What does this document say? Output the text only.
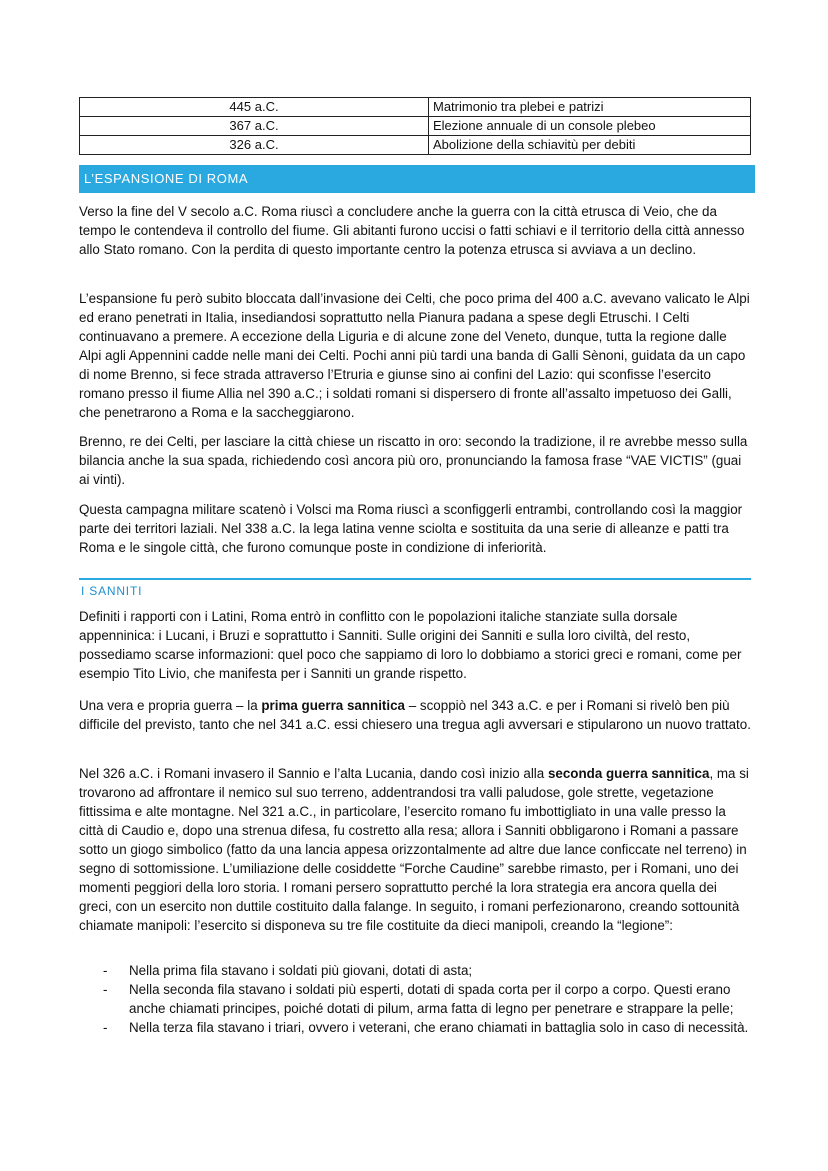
445 a.C.	Matrimonio tra plebei e patrizi
367 a.C.	Elezione annuale di un console plebeo
326 a.C.	Abolizione della schiavitù per debiti
L’ESPANSIONE DI ROMA

Verso la fine del V secolo a.C. Roma riuscì a concludere anche la guerra con la città etrusca di Veio, che da tempo le contendeva il controllo del fiume. Gli abitanti furono uccisi o fatti schiavi e il territorio della città annesso allo Stato romano. Con la perdita di questo importante centro la potenza etrusca si avviava a un declino.

L’espansione fu però subito bloccata dall’invasione dei Celti, che poco prima del 400 a.C. avevano valicato le Alpi ed erano penetrati in Italia, insediandosi soprattutto nella Pianura padana a spese degli Etruschi. I Celti continuavano a premere. A eccezione della Liguria e di alcune zone del Veneto, dunque, tutta la regione dalle Alpi agli Appennini cadde nelle mani dei Celti. Pochi anni più tardi una banda di Galli Sènoni, guidata da un capo di nome Brenno, si fece strada attraverso l’Etruria e giunse sino ai confini del Lazio: qui sconfisse l’esercito romano presso il fiume Allia nel 390 a.C.; i soldati romani si dispersero di fronte all’assalto impetuoso dei Galli, che penetrarono a Roma e la saccheggiarono.

Brenno, re dei Celti, per lasciare la città chiese un riscatto in oro: secondo la tradizione, il re avrebbe messo sulla bilancia anche la sua spada, richiedendo così ancora più oro, pronunciando la famosa frase “VAE VICTIS” (guai ai vinti).

Questa campagna militare scatenò i Volsci ma Roma riuscì a sconfiggerli entrambi, controllando così la maggior parte dei territori laziali. Nel 338 a.C. la lega latina venne sciolta e sostituita da una serie di alleanze e patti tra Roma e le singole città, che furono comunque poste in condizione di inferiorità.

I SANNITI

Definiti i rapporti con i Latini, Roma entrò in conflitto con le popolazioni italiche stanziate sulla dorsale appenninica: i Lucani, i Bruzi e soprattutto i Sanniti. Sulle origini dei Sanniti e sulla loro civiltà, del resto, possediamo scarse informazioni: quel poco che sappiamo di loro lo dobbiamo a storici greci e romani, come per esempio Tito Livio, che manifesta per i Sanniti un grande rispetto.

Una vera e propria guerra – la prima guerra sannitica – scoppiò nel 343 a.C. e per i Romani si rivelò ben più difficile del previsto, tanto che nel 341 a.C. essi chiesero una tregua agli avversari e stipularono un nuovo trattato.

Nel 326 a.C. i Romani invasero il Sannio e l’alta Lucania, dando così inizio alla seconda guerra sannitica, ma si trovarono ad affrontare il nemico sul suo terreno, addentrandosi tra valli paludose, gole strette, vegetazione fittissima e alte montagne. Nel 321 a.C., in particolare, l’esercito romano fu imbottigliato in una valle presso la città di Caudio e, dopo una strenua difesa, fu costretto alla resa; allora i Sanniti obbligarono i Romani a passare sotto un giogo simbolico (fatto da una lancia appesa orizzontalmente ad altre due lance conficcate nel terreno) in segno di sottomissione. L’umiliazione delle cosiddette “Forche Caudine” sarebbe rimasto, per i Romani, uno dei momenti peggiori della loro storia. I romani persero soprattutto perché la lora strategia era ancora quella dei greci, con un esercito non duttile costituito dalla falange. In seguito, i romani perfezionarono, creando sottounità chiamate manipoli: l’esercito si disponeva su tre file costituite da dieci manipoli, creando la “legione”:

- Nella prima fila stavano i soldati più giovani, dotati di asta;
- Nella seconda fila stavano i soldati più esperti, dotati di spada corta per il corpo a corpo. Questi erano anche chiamati principes, poiché dotati di pilum, arma fatta di legno per penetrare e strappare la pelle;
- Nella terza fila stavano i triari, ovvero i veterani, che erano chiamati in battaglia solo in caso di necessità.
